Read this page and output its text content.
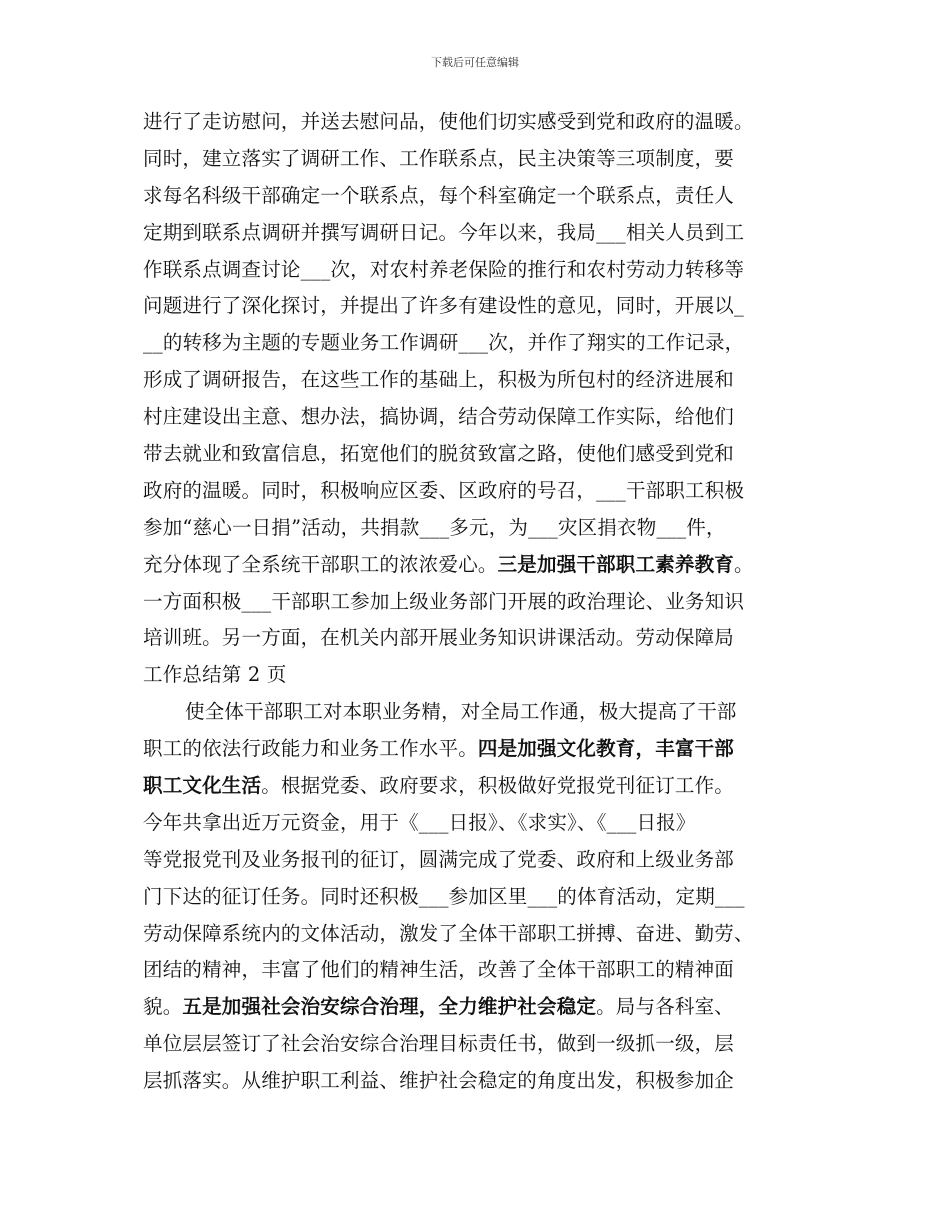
下载后可任意编辑
进行了走访慰问，并送去慰问品，使他们切实感受到党和政府的温暖。
同时，建立落实了调研工作、工作联系点，民主决策等三项制度，要
求每名科级干部确定一个联系点，每个科室确定一个联系点，责任人
定期到联系点调研并撰写调研日记。今年以来，我局___相关人员到工
作联系点调查讨论___次，对农村养老保险的推行和农村劳动力转移等
问题进行了深化探讨，并提出了许多有建设性的意见，同时，开展以_
__的转移为主题的专题业务工作调研___次，并作了翔实的工作记录，
形成了调研报告，在这些工作的基础上，积极为所包村的经济进展和
村庄建设出主意、想办法，搞协调，结合劳动保障工作实际，给他们
带去就业和致富信息，拓宽他们的脱贫致富之路，使他们感受到党和
政府的温暖。同时，积极响应区委、区政府的号召，___干部职工积极
参加“慈心一日捐”活动，共捐款___多元，为___灾区捐衣物___件，
充分体现了全系统干部职工的浓浓爱心。三是加强干部职工素养教育。
一方面积极___干部职工参加上级业务部门开展的政治理论、业务知识
培训班。另一方面，在机关内部开展业务知识讲课活动。劳动保障局
工作总结第 2 页
使全体干部职工对本职业务精，对全局工作通，极大提高了干部
职工的依法行政能力和业务工作水平。四是加强文化教育，丰富干部
职工文化生活。根据党委、政府要求，积极做好党报党刊征订工作。
今年共拿出近万元资金，用于《___日报》、《求实》、《___日报》
等党报党刊及业务报刊的征订，圆满完成了党委、政府和上级业务部
门下达的征订任务。同时还积极___参加区里___的体育活动，定期___
劳动保障系统内的文体活动，激发了全体干部职工拼搏、奋进、勤劳、
团结的精神，丰富了他们的精神生活，改善了全体干部职工的精神面
貌。五是加强社会治安综合治理，全力维护社会稳定。局与各科室、
单位层层签订了社会治安综合治理目标责任书，做到一级抓一级，层
层抓落实。从维护职工利益、维护社会稳定的角度出发，积极参加企
